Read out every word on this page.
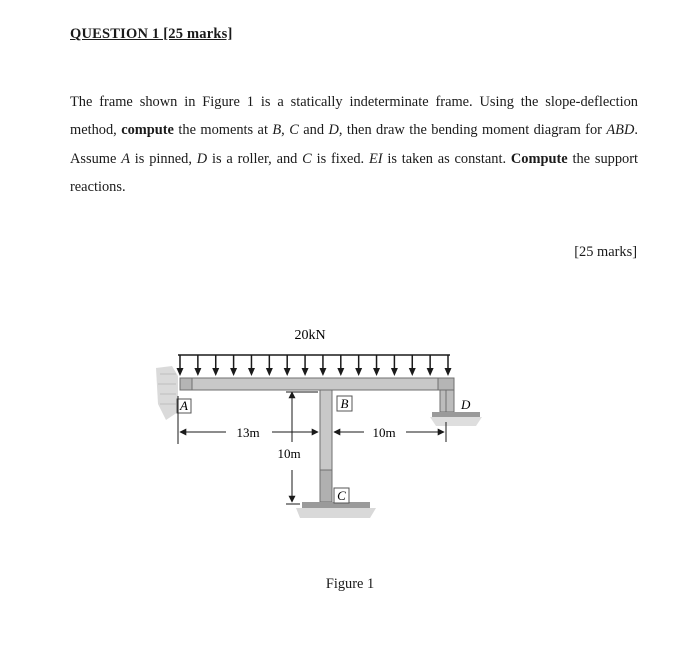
QUESTION 1 [25 marks]
The frame shown in Figure 1 is a statically indeterminate frame. Using the slope-deflection method, compute the moments at B, C and D, then draw the bending moment diagram for ABD. Assume A is pinned, D is a roller, and C is fixed. EI is taken as constant. Compute the support reactions.
[25 marks]
20kN
A	B
C
D
13m	10m
10m
Figure 1
